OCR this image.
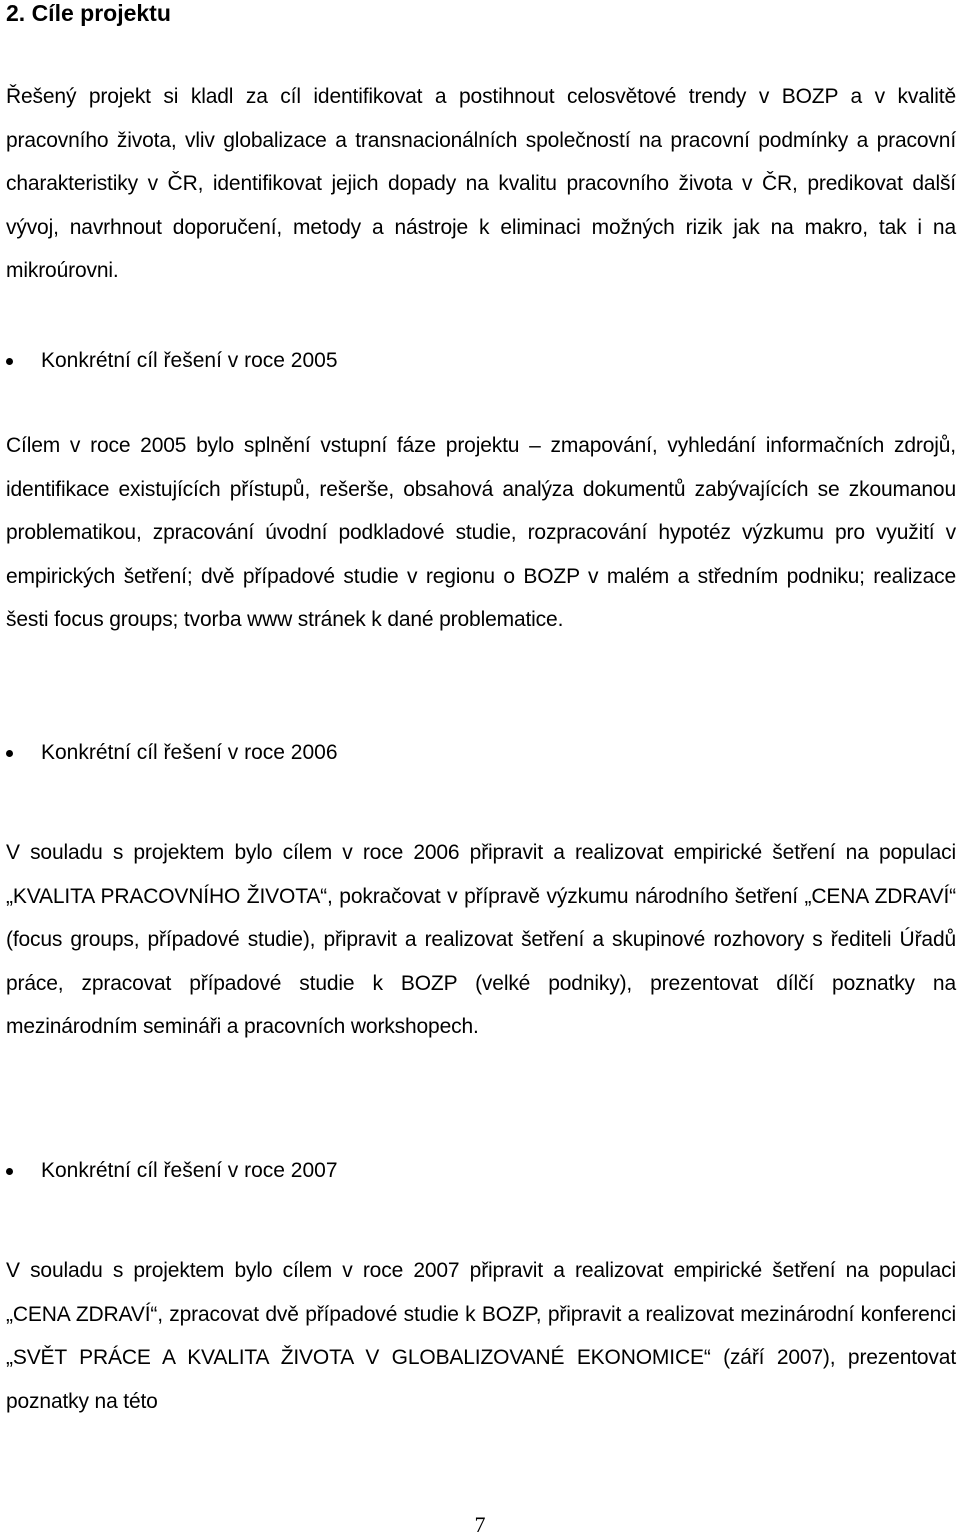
2. Cíle projektu
Řešený projekt si kladl za cíl identifikovat a postihnout celosvětové trendy v BOZP a v kvalitě pracovního života, vliv globalizace a transnacionálních společností na pracovní podmínky a pracovní charakteristiky v ČR, identifikovat jejich dopady na kvalitu pracovního života v ČR, predikovat další vývoj, navrhnout doporučení, metody a nástroje k eliminaci možných rizik jak na makro, tak i na mikroúrovni.
Konkrétní cíl řešení v roce 2005
Cílem v roce 2005 bylo splnění vstupní fáze projektu – zmapování, vyhledání informačních zdrojů, identifikace existujících přístupů, rešerše, obsahová analýza dokumentů zabývajících se zkoumanou problematikou, zpracování úvodní podkladové studie, rozpracování hypotéz výzkumu pro využití v empirických šetření; dvě případové studie v regionu o BOZP v malém a středním podniku; realizace šesti focus groups; tvorba www stránek k dané problematice.
Konkrétní cíl řešení v roce 2006
V souladu s projektem bylo cílem v roce 2006 připravit a realizovat empirické šetření na populaci „KVALITA PRACOVNÍHO ŽIVOTA“, pokračovat v přípravě výzkumu národního šetření „CENA ZDRAVÍ“ (focus groups, případové studie), připravit a realizovat šetření a skupinové rozhovory s řediteli Úřadů práce, zpracovat případové studie k BOZP (velké podniky), prezentovat dílčí poznatky na mezinárodním semináři a pracovních workshopech.
Konkrétní cíl řešení v roce 2007
V souladu s projektem bylo cílem v roce 2007 připravit a realizovat empirické šetření na populaci „CENA ZDRAVÍ“, zpracovat dvě případové studie k BOZP, připravit a realizovat mezinárodní konferenci „SVĚT PRÁCE A KVALITA ŽIVOTA V GLOBALIZOVANÉ EKONOMICE“ (září 2007), prezentovat poznatky na této
7
